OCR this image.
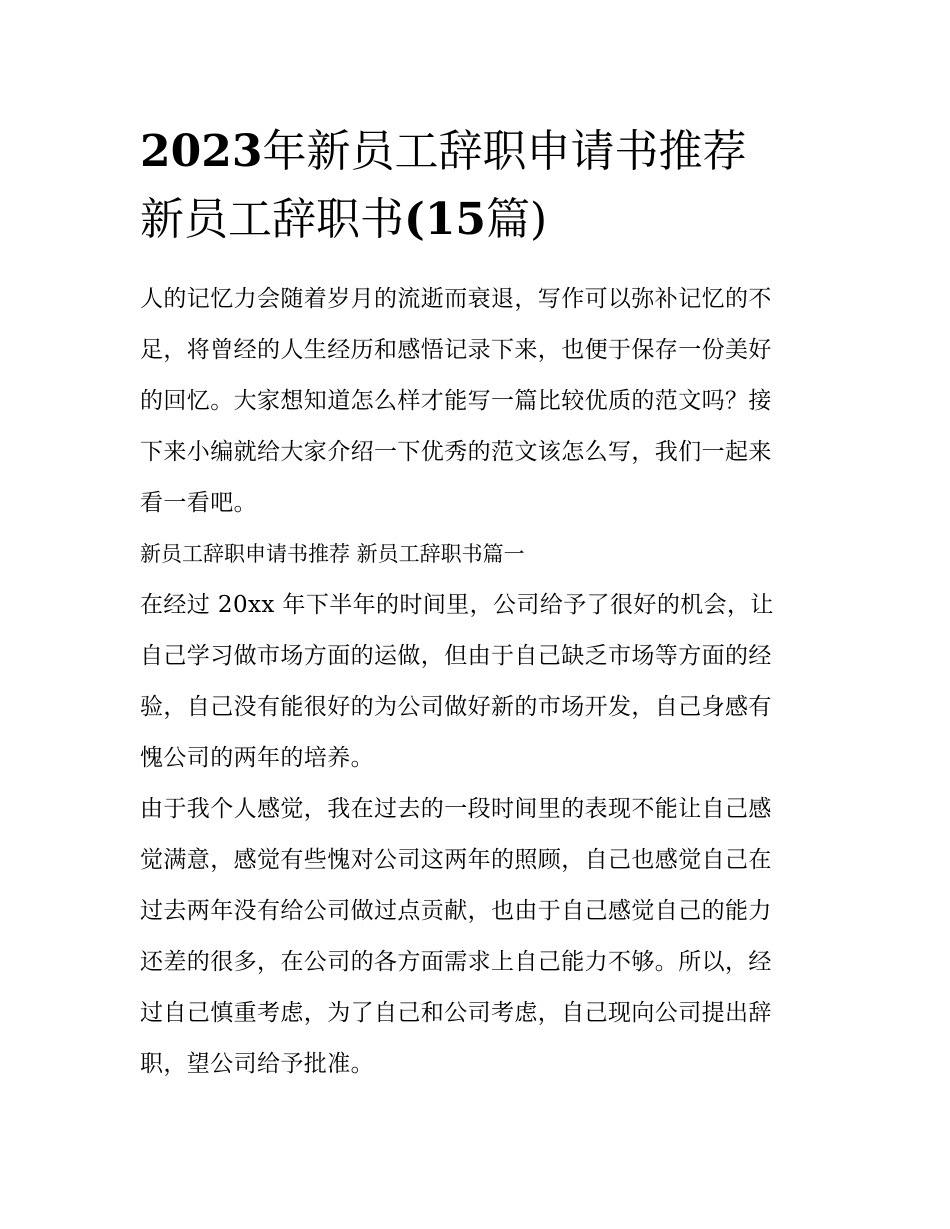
2023年新员工辞职申请书推荐
新员工辞职书(15篇)

人的记忆力会随着岁月的流逝而衰退，写作可以弥补记忆的不
足，将曾经的人生经历和感悟记录下来，也便于保存一份美好
的回忆。大家想知道怎么样才能写一篇比较优质的范文吗？接
下来小编就给大家介绍一下优秀的范文该怎么写，我们一起来
看一看吧。

新员工辞职申请书推荐 新员工辞职书篇一

在经过 20xx 年下半年的时间里，公司给予了很好的机会，让
自己学习做市场方面的运做，但由于自己缺乏市场等方面的经
验，自己没有能很好的为公司做好新的市场开发，自己身感有
愧公司的两年的培养。

由于我个人感觉，我在过去的一段时间里的表现不能让自己感
觉满意，感觉有些愧对公司这两年的照顾，自己也感觉自己在
过去两年没有给公司做过点贡献，也由于自己感觉自己的能力
还差的很多，在公司的各方面需求上自己能力不够。所以，经
过自己慎重考虑，为了自己和公司考虑，自己现向公司提出辞
职，望公司给予批准。
